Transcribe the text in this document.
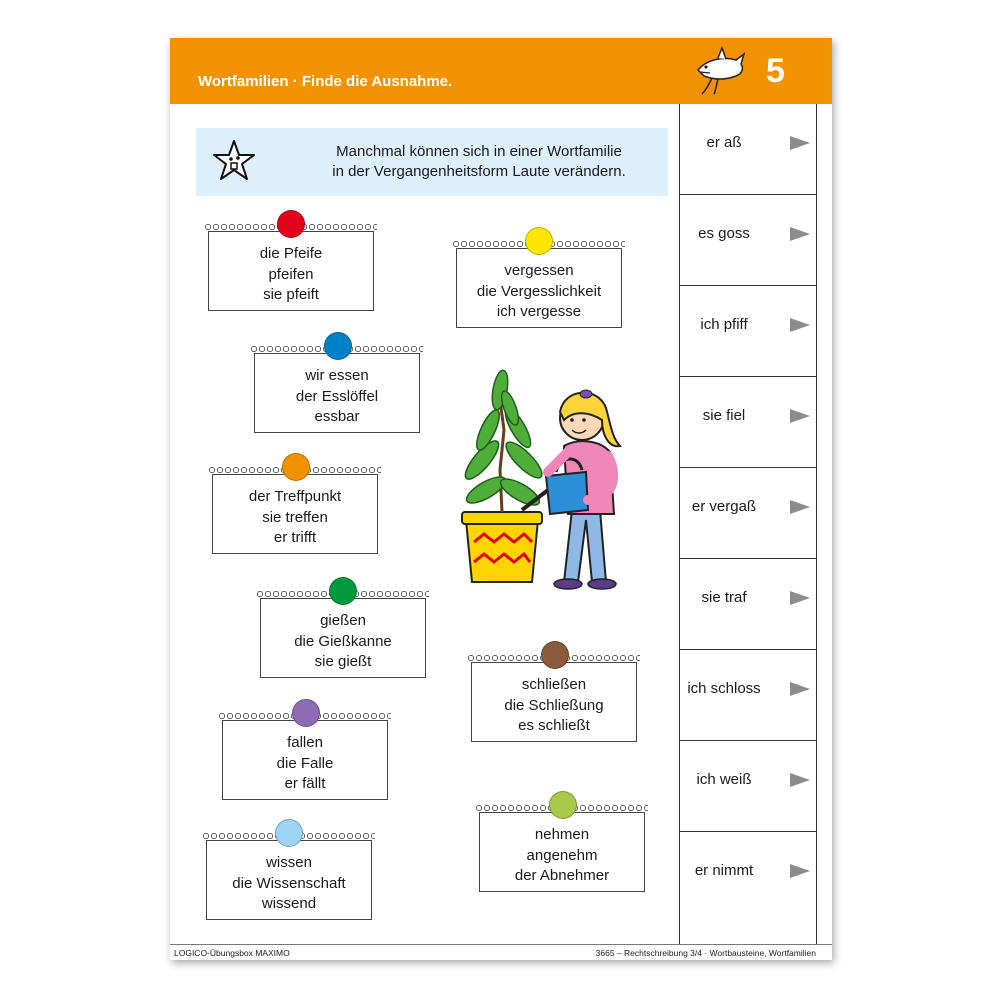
Wortfamilien · Finde die Ausnahme.	5
Manchmal können sich in einer Wortfamilie
in der Vergangenheitsform Laute verändern.
die Pfeife
pfeifen
sie pfeift
wir essen
der Esslöffel
essbar
der Treffpunkt
sie treffen
er trifft
gießen
die Gießkanne
sie gießt
fallen
die Falle
er fällt
wissen
die Wissenschaft
wissend
vergessen
die Vergesslichkeit
ich vergesse
schließen
die Schließung
es schließt
nehmen
angenehm
der Abnehmer
er aß
es goss
ich pfiff
sie fiel
er vergaß
sie traf
ich schloss
ich weiß
er nimmt
LOGICO-Übungsbox MAXIMO	3665 – Rechtschreibung 3/4 · Wortbausteine, Wortfamilien
